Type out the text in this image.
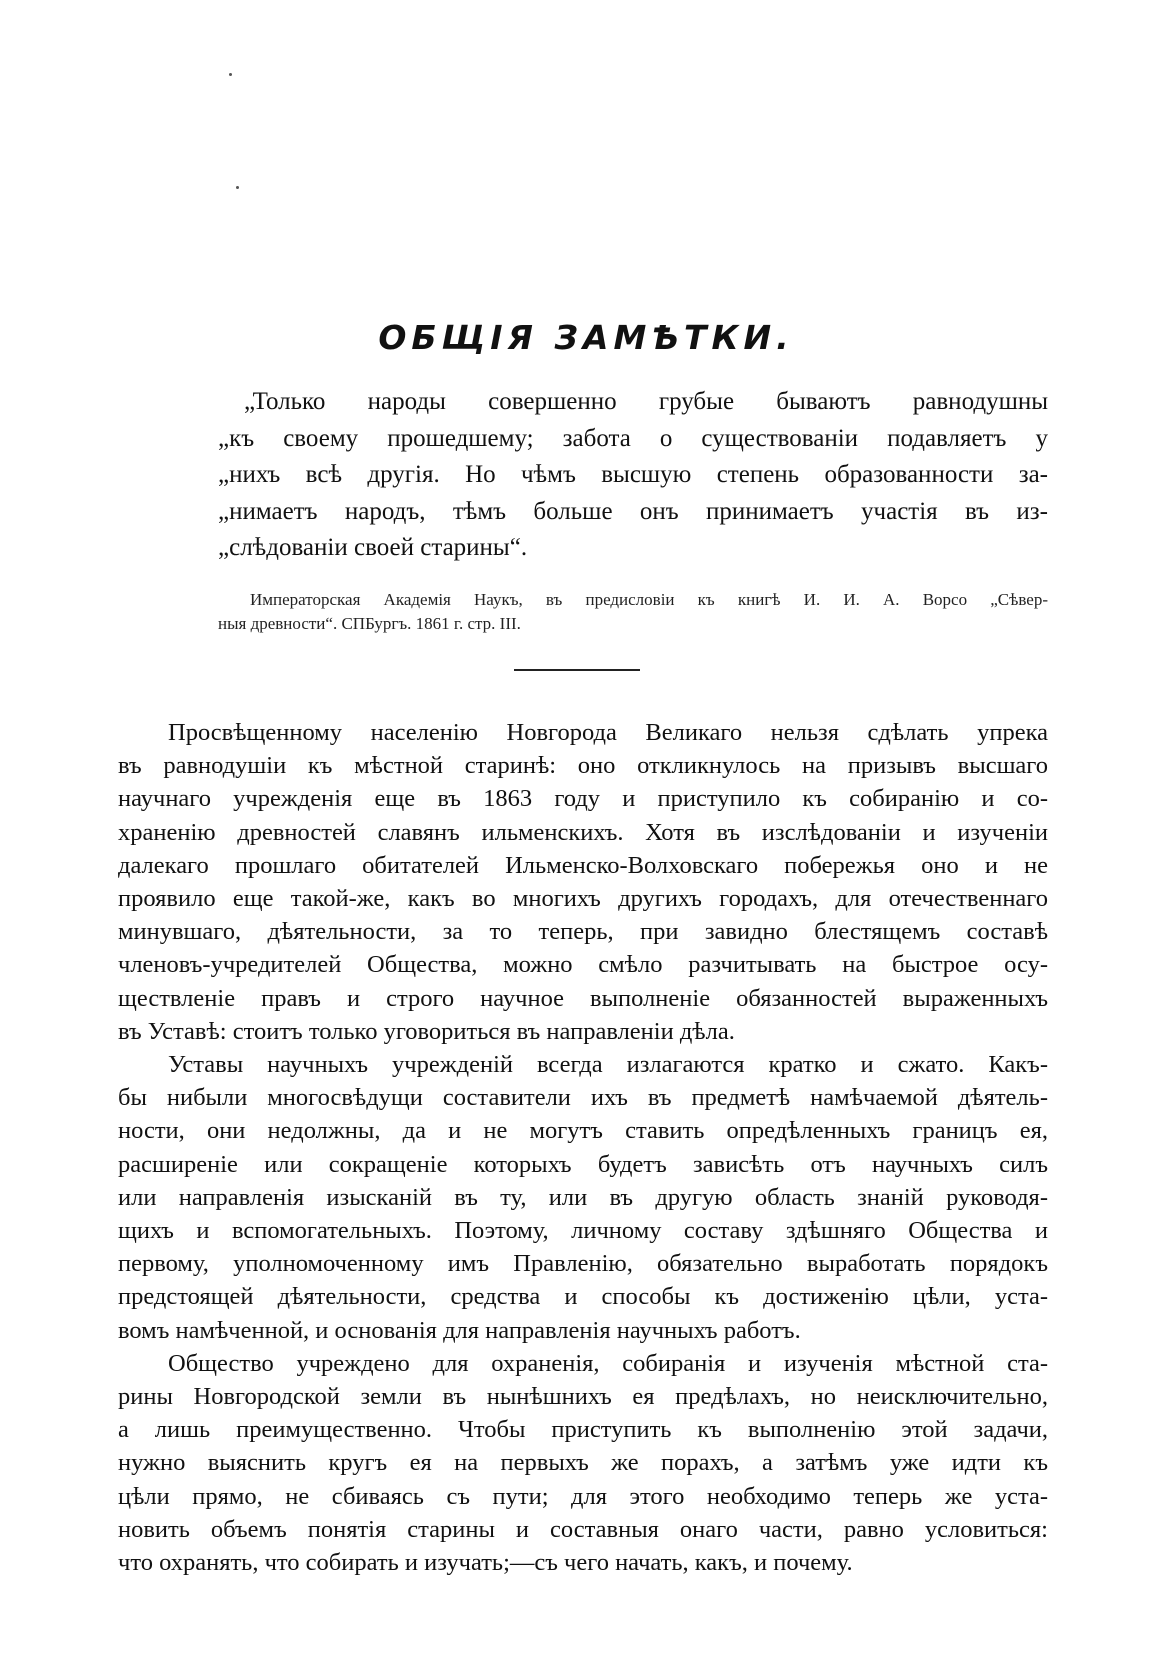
ОБЩІЯ ЗАМѢТКИ.
„Только народы совершенно грубые бываютъ равнодушны
„къ своему прошедшему; забота о существованіи подавляетъ у
„нихъ всѣ другія. Но чѣмъ высшую степень образованности за-
„нимаетъ народъ, тѣмъ больше онъ принимаетъ участія въ из-
„слѣдованіи своей старины“.
Императорская Академія Наукъ, въ предисловіи къ книгѣ И. И. А. Ворсо „Сѣвер-
ныя древности“. СПБургъ. 1861 г. стр. III.
Просвѣщенному населенію Новгорода Великаго нельзя сдѣлать упрека
въ равнодушіи къ мѣстной старинѣ: оно откликнулось на призывъ высшаго
научнаго учрежденія еще въ 1863 году и приступило къ собиранію и со-
храненію древностей славянъ ильменскихъ. Хотя въ изслѣдованіи и изученіи
далекаго прошлаго обитателей Ильменско-Волховскаго побережья оно и не
проявило еще такой-же, какъ во многихъ другихъ городахъ, для отечественнаго
минувшаго, дѣятельности, за то теперь, при завидно блестящемъ составѣ
членовъ-учредителей Общества, можно смѣло разчитывать на быстрое осу-
ществленіе правъ и строго научное выполненіе обязанностей выраженныхъ
въ Уставѣ: стоитъ только уговориться въ направленіи дѣла.
Уставы научныхъ учрежденій всегда излагаются кратко и сжато. Какъ-
бы нибыли многосвѣдущи составители ихъ въ предметѣ намѣчаемой дѣятель-
ности, они недолжны, да и не могутъ ставить опредѣленныхъ границъ ея,
расширеніе или сокращеніе которыхъ будетъ зависѣть отъ научныхъ силъ
или направленія изысканій въ ту, или въ другую область знаній руководя-
щихъ и вспомогательныхъ. Поэтому, личному составу здѣшняго Общества и
первому, уполномоченному имъ Правленію, обязательно выработать порядокъ
предстоящей дѣятельности, средства и способы къ достиженію цѣли, уста-
вомъ намѣченной, и основанія для направленія научныхъ работъ.
Общество учреждено для охраненія, собиранія и изученія мѣстной ста-
рины Новгородской земли въ нынѣшнихъ ея предѣлахъ, но неисключительно,
а лишь преимущественно. Чтобы приступить къ выполненію этой задачи,
нужно выяснить кругъ ея на первыхъ же порахъ, а затѣмъ уже идти къ
цѣли прямо, не сбиваясь съ пути; для этого необходимо теперь же уста-
новить объемъ понятія старины и составныя онаго части, равно условиться:
что охранять, что собирать и изучать;—съ чего начать, какъ, и почему.
